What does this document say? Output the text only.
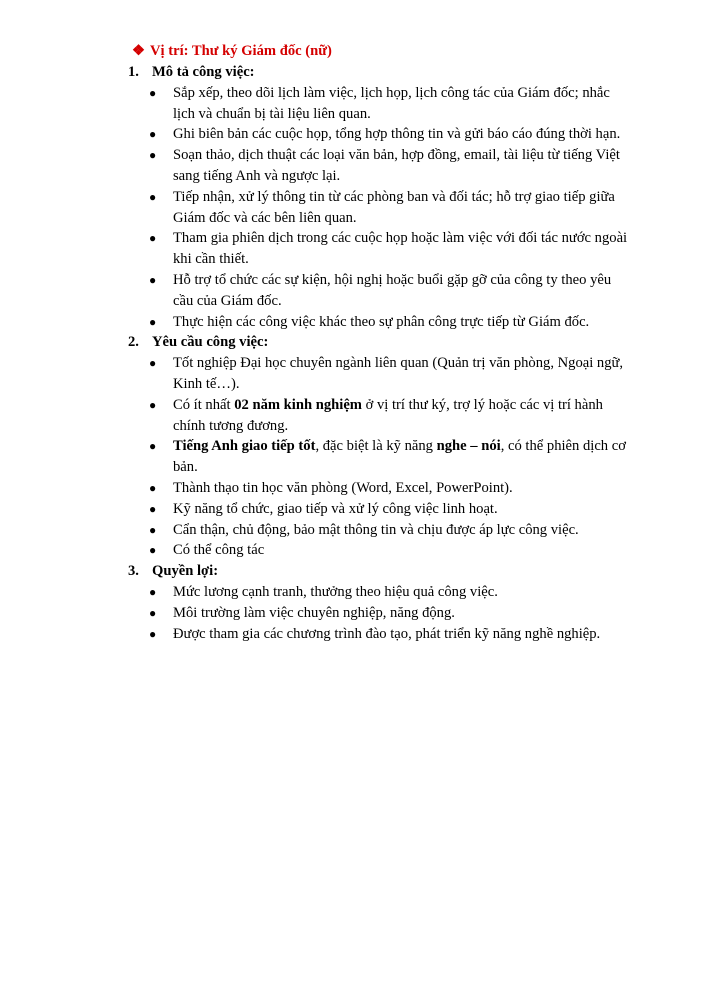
❖ Vị trí: Thư ký Giám đốc (nữ)
1. Mô tả công việc:
● Sắp xếp, theo dõi lịch làm việc, lịch họp, lịch công tác của Giám đốc; nhắc lịch và chuẩn bị tài liệu liên quan.
● Ghi biên bản các cuộc họp, tổng hợp thông tin và gửi báo cáo đúng thời hạn.
● Soạn thảo, dịch thuật các loại văn bản, hợp đồng, email, tài liệu từ tiếng Việt sang tiếng Anh và ngược lại.
● Tiếp nhận, xử lý thông tin từ các phòng ban và đối tác; hỗ trợ giao tiếp giữa Giám đốc và các bên liên quan.
● Tham gia phiên dịch trong các cuộc họp hoặc làm việc với đối tác nước ngoài khi cần thiết.
● Hỗ trợ tổ chức các sự kiện, hội nghị hoặc buổi gặp gỡ của công ty theo yêu cầu của Giám đốc.
● Thực hiện các công việc khác theo sự phân công trực tiếp từ Giám đốc.
2. Yêu cầu công việc:
● Tốt nghiệp Đại học chuyên ngành liên quan (Quản trị văn phòng, Ngoại ngữ, Kinh tế…).
● Có ít nhất 02 năm kinh nghiệm ở vị trí thư ký, trợ lý hoặc các vị trí hành chính tương đương.
● Tiếng Anh giao tiếp tốt, đặc biệt là kỹ năng nghe – nói, có thể phiên dịch cơ bản.
● Thành thạo tin học văn phòng (Word, Excel, PowerPoint).
● Kỹ năng tổ chức, giao tiếp và xử lý công việc linh hoạt.
● Cẩn thận, chủ động, bảo mật thông tin và chịu được áp lực công việc.
● Có thể công tác
3. Quyền lợi:
● Mức lương cạnh tranh, thưởng theo hiệu quả công việc.
● Môi trường làm việc chuyên nghiệp, năng động.
● Được tham gia các chương trình đào tạo, phát triển kỹ năng nghề nghiệp.
